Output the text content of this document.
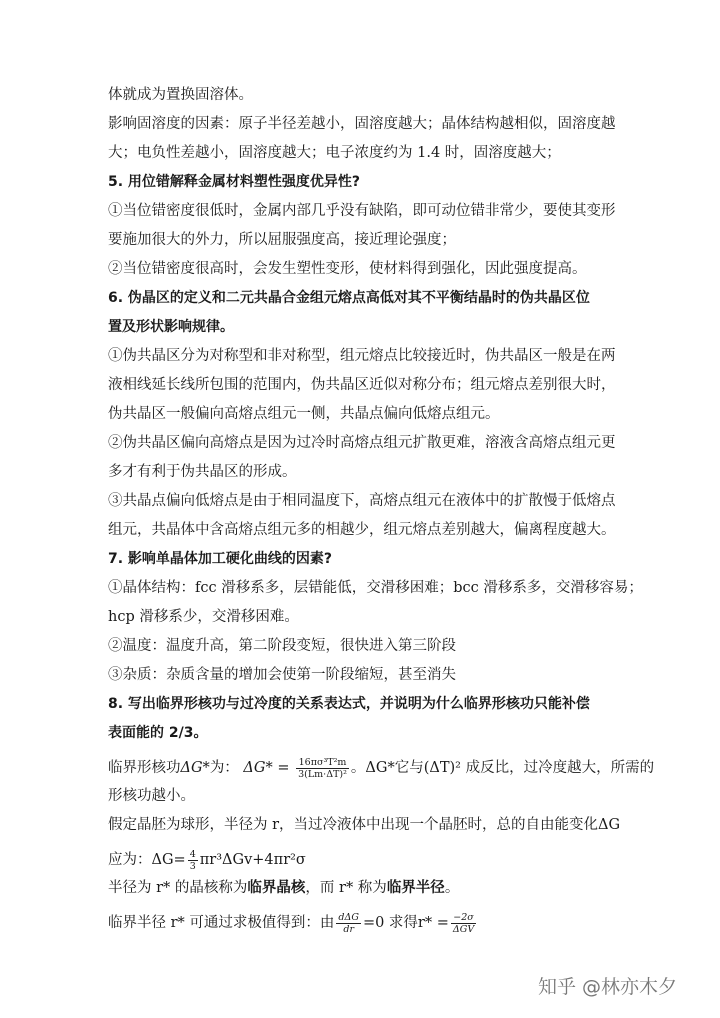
体就成为置换固溶体。

影响固溶度的因素：原子半径差越小，固溶度越大；晶体结构越相似，固溶度越

大；电负性差越小，固溶度越大；电子浓度约为 1.4 时，固溶度越大；

5. 用位错解释金属材料塑性强度优异性?

①当位错密度很低时，金属内部几乎没有缺陷，即可动位错非常少，要使其变形

要施加很大的外力，所以屈服强度高，接近理论强度；

②当位错密度很高时，会发生塑性变形，使材料得到强化，因此强度提高。

6. 伪晶区的定义和二元共晶合金组元熔点高低对其不平衡结晶时的伪共晶区位

置及形状影响规律。

①伪共晶区分为对称型和非对称型，组元熔点比较接近时，伪共晶区一般是在两

液相线延长线所包围的范围内，伪共晶区近似对称分布；组元熔点差别很大时，

伪共晶区一般偏向高熔点组元一侧，共晶点偏向低熔点组元。

②伪共晶区偏向高熔点是因为过冷时高熔点组元扩散更难，溶液含高熔点组元更

多才有利于伪共晶区的形成。

③共晶点偏向低熔点是由于相同温度下，高熔点组元在液体中的扩散慢于低熔点

组元，共晶体中含高熔点组元多的相越少，组元熔点差别越大，偏离程度越大。

7. 影响单晶体加工硬化曲线的因素?

①晶体结构：fcc 滑移系多，层错能低，交滑移困难；bcc 滑移系多，交滑移容易；

hcp 滑移系少，交滑移困难。

②温度：温度升高，第二阶段变短，很快进入第三阶段

③杂质：杂质含量的增加会使第一阶段缩短，甚至消失

8. 写出临界形核功与过冷度的关系表达式，并说明为什么临界形核功只能补偿

表面能的 2/3。

临界形核功ΔG*为： $\Delta G* = \frac{\text{16πσ³T²m}}{\text{3(Lm·ΔT)²}}$ 。ΔG*它与(ΔT)² 成反比，过冷度越大，所需的

形核功越小。

假定晶胚为球形，半径为 r，当过冷液体中出现一个晶胚时，总的自由能变化ΔG

应为：$\Delta G= \frac{4}{3} \pi r^3\Delta Gv+4\pi r^2\sigma$

半径为 r* 的晶核称为临界晶核，而 r* 称为临界半径。

临界半径 r* 可通过求极值得到：由 $\frac{\text{dΔG}}{dr} =0$ 求得$r* = \frac{-2\sigma}{\text{ΔGV}}$

知乎 @林亦木夕
